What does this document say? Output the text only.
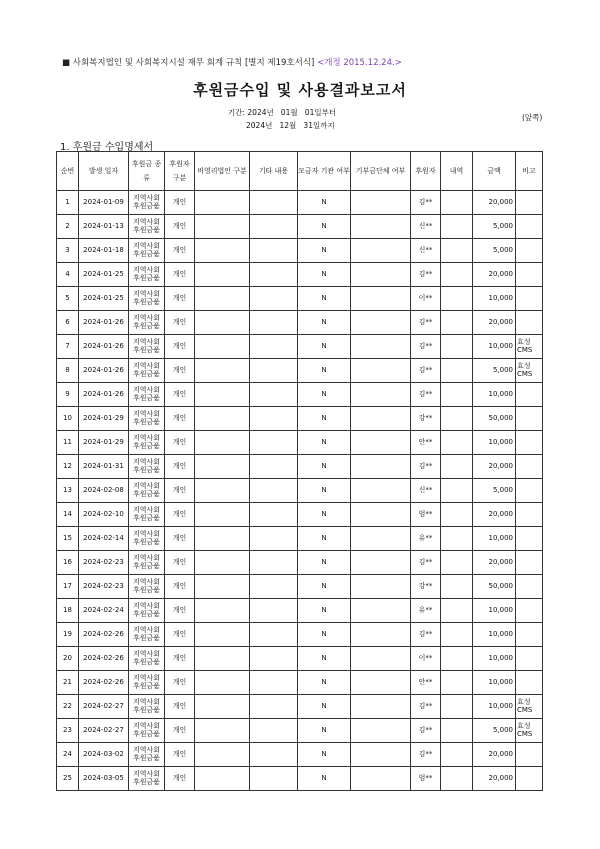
■ 사회복지법인 및 사회복지시설 재무 회계 규칙 [별지 제19호서식] <개정 2015.12.24.>
후원금수입 및 사용결과보고서
기간: 2024년   01월   01일부터
2024년   12월   31일까지
(앞쪽)
1. 후원금 수입명세서
순번	발생 일자	후원금 종류	후원자 구분	비영리법인 구분	기타 내용	모금자 기관 여부	기부금단체 여부	후원자	내역	금액	비고
1	2024-01-09	지역사회 후원금품	개인			N		김**		20,000	
2	2024-01-13	지역사회 후원금품	개인			N		신**		5,000	
3	2024-01-18	지역사회 후원금품	개인			N		신**		5,000	
4	2024-01-25	지역사회 후원금품	개인			N		김**		20,000	
5	2024-01-25	지역사회 후원금품	개인			N		이**		10,000	
6	2024-01-26	지역사회 후원금품	개인			N		김**		20,000	
7	2024-01-26	지역사회 후원금품	개인			N		김**		10,000	효성 CMS
8	2024-01-26	지역사회 후원금품	개인			N		김**		5,000	효성 CMS
9	2024-01-26	지역사회 후원금품	개인			N		김**		10,000	
10	2024-01-29	지역사회 후원금품	개인			N		강**		50,000	
11	2024-01-29	지역사회 후원금품	개인			N		안**		10,000	
12	2024-01-31	지역사회 후원금품	개인			N		김**		20,000	
13	2024-02-08	지역사회 후원금품	개인			N		신**		5,000	
14	2024-02-10	지역사회 후원금품	개인			N		엄**		20,000	
15	2024-02-14	지역사회 후원금품	개인			N		유**		10,000	
16	2024-02-23	지역사회 후원금품	개인			N		김**		20,000	
17	2024-02-23	지역사회 후원금품	개인			N		강**		50,000	
18	2024-02-24	지역사회 후원금품	개인			N		유**		10,000	
19	2024-02-26	지역사회 후원금품	개인			N		김**		10,000	
20	2024-02-26	지역사회 후원금품	개인			N		이**		10,000	
21	2024-02-26	지역사회 후원금품	개인			N		안**		10,000	
22	2024-02-27	지역사회 후원금품	개인			N		김**		10,000	효성 CMS
23	2024-02-27	지역사회 후원금품	개인			N		김**		5,000	효성 CMS
24	2024-03-02	지역사회 후원금품	개인			N		김**		20,000	
25	2024-03-05	지역사회 후원금품	개인			N		엄**		20,000	
